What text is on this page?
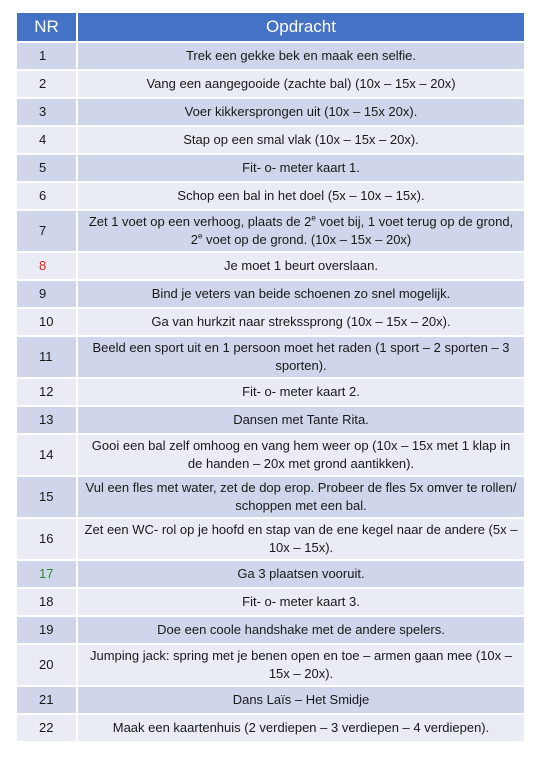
NR	Opdracht
1	Trek een gekke bek en maak een selfie.
2	Vang een aangegooide (zachte bal) (10x – 15x – 20x)
3	Voer kikkersprongen uit (10x – 15x 20x).
4	Stap op een smal vlak (10x – 15x – 20x).
5	Fit- o- meter kaart 1.
6	Schop een bal in het doel (5x – 10x – 15x).
7	Zet 1 voet op een verhoog, plaats de 2e voet bij, 1 voet terug op de grond, 2e voet op de grond. (10x – 15x – 20x)
8	Je moet 1 beurt overslaan.
9	Bind je veters van beide schoenen zo snel mogelijk.
10	Ga van hurkzit naar strekssprong (10x – 15x – 20x).
11	Beeld een sport uit en 1 persoon moet het raden (1 sport – 2 sporten – 3 sporten).
12	Fit- o- meter kaart 2.
13	Dansen met Tante Rita.
14	Gooi een bal zelf omhoog en vang hem weer op (10x – 15x met 1 klap in de handen – 20x met grond aantikken).
15	Vul een fles met water, zet de dop erop. Probeer de fles 5x omver te rollen/ schoppen met een bal.
16	Zet een WC- rol op je hoofd en stap van de ene kegel naar de andere (5x – 10x – 15x).
17	Ga 3 plaatsen vooruit.
18	Fit- o- meter kaart 3.
19	Doe een coole handshake met de andere spelers.
20	Jumping jack: spring met je benen open en toe – armen gaan mee (10x – 15x – 20x).
21	Dans Laïs – Het Smidje
22	Maak een kaartenhuis (2 verdiepen – 3 verdiepen – 4 verdiepen).
